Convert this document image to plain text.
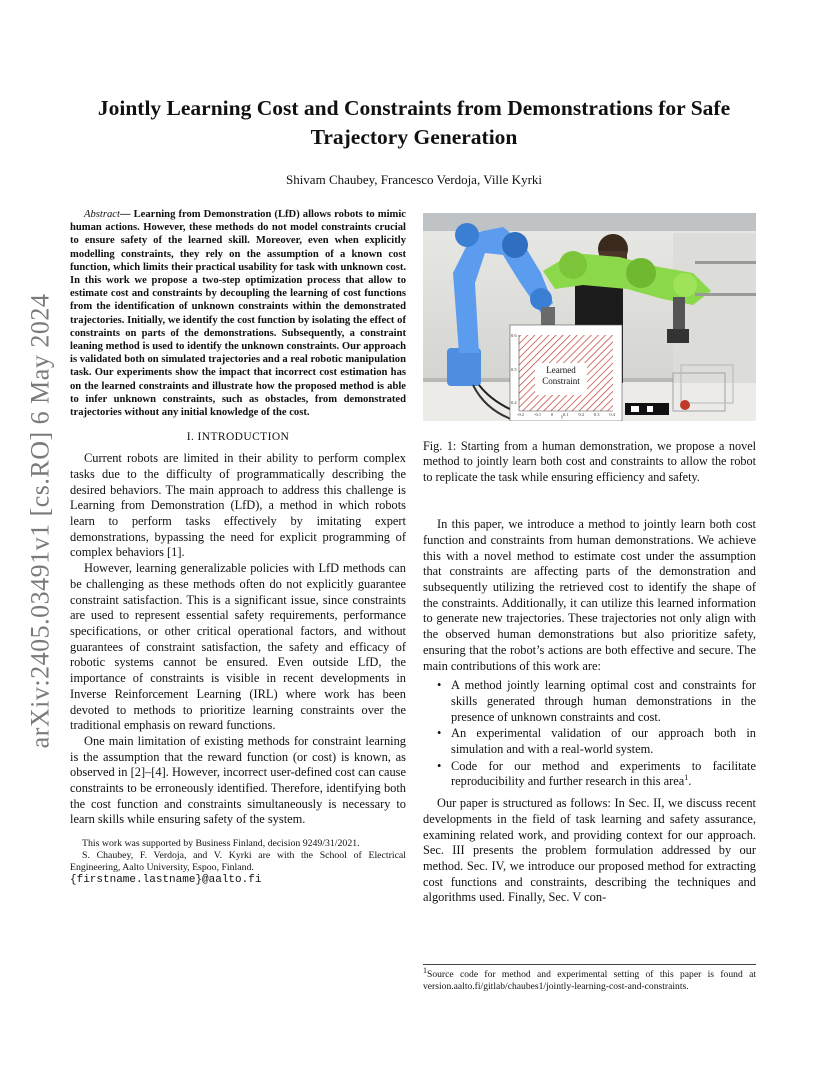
arXiv:2405.03491v1 [cs.RO] 6 May 2024
Jointly Learning Cost and Constraints from Demonstrations for Safe Trajectory Generation
Shivam Chaubey, Francesco Verdoja, Ville Kyrki

Abstract— Learning from Demonstration (LfD) allows robots to mimic human actions. However, these methods do not model constraints crucial to ensure safety of the learned skill. Moreover, even when explicitly modelling constraints, they rely on the assumption of a known cost function, which limits their practical usability for task with unknown cost. In this work we propose a two-step optimization process that allow to estimate cost and constraints by decoupling the learning of cost functions from the identification of unknown constraints within the demonstrated trajectories. Initially, we identify the cost function by isolating the effect of constraints on parts of the demonstrations. Subsequently, a constraint leaning method is used to identify the unknown constraints. Our approach is validated both on simulated trajectories and a real robotic manipulation task. Our experiments show the impact that incorrect cost estimation has on the learned constraints and illustrate how the proposed method is able to infer unknown constraints, such as obstacles, from demonstrated trajectories without any initial knowledge of the cost.

I. INTRODUCTION

Current robots are limited in their ability to perform complex tasks due to the difficulty of programmatically describing the desired behaviors. The main approach to address this challenge is Learning from Demonstration (LfD), a method in which robots learn to perform tasks effectively by imitating expert demonstrations, bypassing the need for explicit programming of complex behaviors [1].

However, learning generalizable policies with LfD methods can be challenging as these methods often do not explicitly guarantee constraint satisfaction. This is a significant issue, since constraints are used to represent essential safety requirements, performance specifications, or other critical operational factors, and without guarantees of constraint satisfaction, the safety and efficacy of robotic systems cannot be ensured. Even outside LfD, the importance of constraints is visible in recent developments in Inverse Reinforcement Learning (IRL) where work has been devoted to methods to prioritize learning constraints over the traditional emphasis on reward functions.

One main limitation of existing methods for constraint learning is the assumption that the reward function (or cost) is known, as observed in [2]–[4]. However, incorrect user-defined cost can cause constraints to be erroneously identified. Therefore, identifying both the cost function and constraints simultaneously is necessary to learn skills while ensuring safety of the system.

This work was supported by Business Finland, decision 9249/31/2021.

S. Chaubey, F. Verdoja, and V. Kyrki are with the School of Electrical Engineering, Aalto University, Espoo, Finland.

{firstname.lastname}@aalto.fi
Learned Constraint
-0.2 -0.1 0 0.1 0.2 0.3 0.4
0.6
0.5
0.4
y

Fig. 1: Starting from a human demonstration, we propose a novel method to jointly learn both cost and constraints to allow the robot to replicate the task while ensuring efficiency and safety.

In this paper, we introduce a method to jointly learn both cost function and constraints from human demonstrations. We achieve this with a novel method to estimate cost under the assumption that constraints are affecting parts of the demonstration and subsequently utilizing the retrieved cost to identify the shape of the constraints. Additionally, it can utilize this learned information to generate new trajectories. These trajectories not only align with the observed human demonstrations but also prioritize safety, ensuring that the robot’s actions are both effective and secure. The main contributions of this work are:

• A method jointly learning optimal cost and constraints for skills generated through human demonstrations in the presence of unknown constraints and cost.
• An experimental validation of our approach both in simulation and with a real-world system.
• Code for our method and experiments to facilitate reproducibility and further research in this area$^1$.

Our paper is structured as follows: In Sec. II, we discuss recent developments in the field of task learning and safety assurance, examining related work, and providing context for our approach. Sec. III presents the problem formulation addressed by our method. Sec. IV, we introduce our proposed method for extracting cost functions and constraints, describing the techniques and algorithms used. Finally, Sec. V con-

$^1$Source code for method and experimental setting of this paper is found at version.aalto.fi/gitlab/chaubes1/jointly-learning-cost-and-constraints.
